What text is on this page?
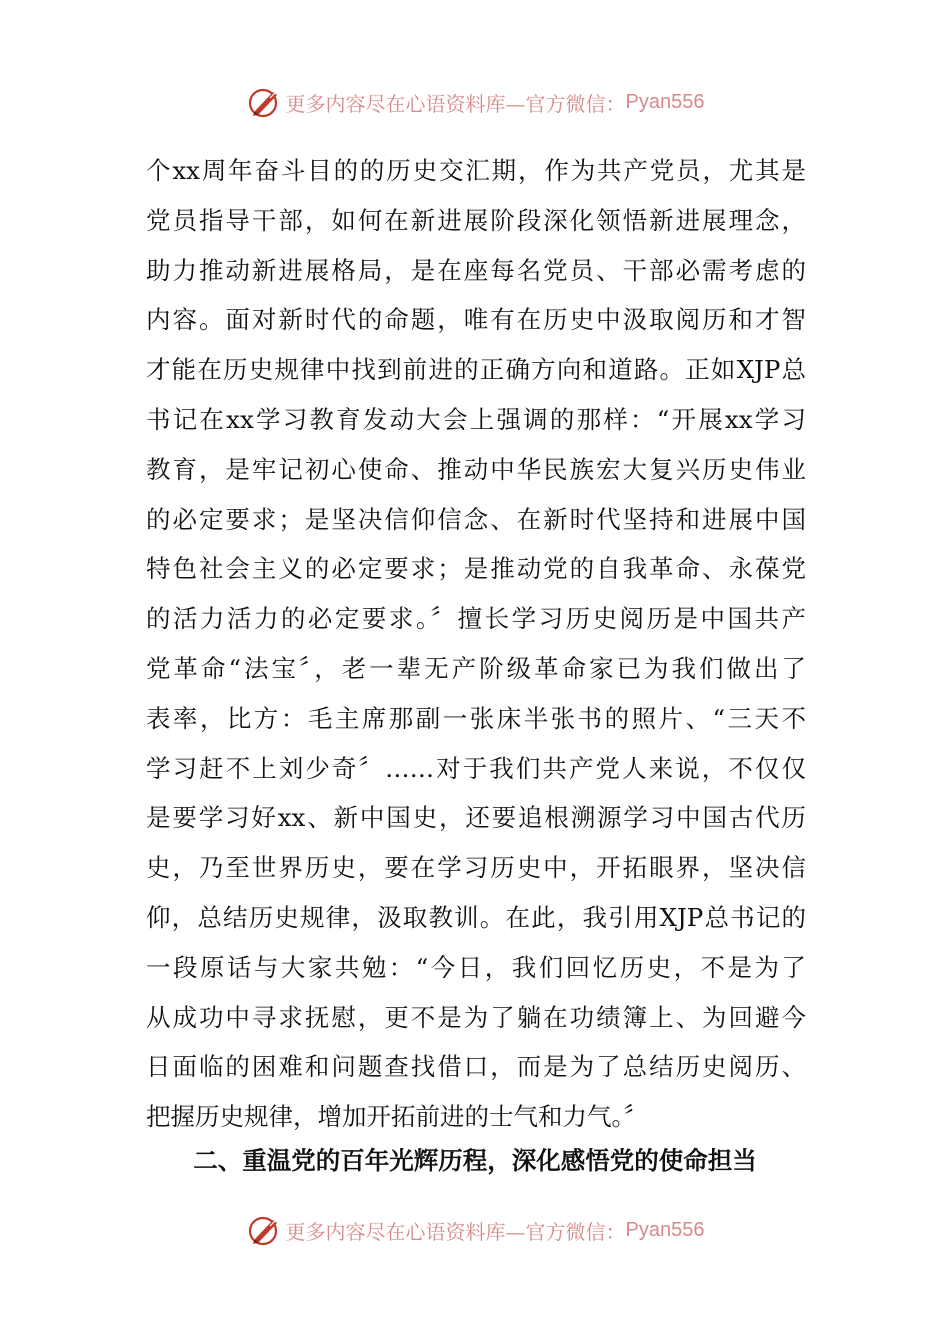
更多内容尽在心语资料库—官方微信： Pyan556
个xx周年奋斗目的的历史交汇期，作为共产党员，尤其是
党员指导干部，如何在新进展阶段深化领悟新进展理念，
助力推动新进展格局，是在座每名党员、干部必需考虑的
内容。面对新时代的命题，唯有在历史中汲取阅历和才智
才能在历史规律中找到前进的正确方向和道路。正如XJP总
书记在xx学习教育发动大会上强调的那样：“开展xx学习
教育，是牢记初心使命、推动中华民族宏大复兴历史伟业
的必定要求；是坚决信仰信念、在新时代坚持和进展中国
特色社会主义的必定要求；是推动党的自我革命、永葆党
的活力活力的必定要求。〞擅长学习历史阅历是中国共产
党革命“法宝〞，老一辈无产阶级革命家已为我们做出了
表率，比方：毛主席那副一张床半张书的照片、“三天不
学习赶不上刘少奇〞……对于我们共产党人来说，不仅仅
是要学习好xx、新中国史，还要追根溯源学习中国古代历
史，乃至世界历史，要在学习历史中，开拓眼界，坚决信
仰，总结历史规律，汲取教训。在此，我引用XJP总书记的
一段原话与大家共勉：“今日，我们回忆历史，不是为了
从成功中寻求抚慰，更不是为了躺在功绩簿上、为回避今
日面临的困难和问题查找借口，而是为了总结历史阅历、
把握历史规律，增加开拓前进的士气和力气。〞
二、重温党的百年光辉历程，深化感悟党的使命担当
更多内容尽在心语资料库—官方微信： Pyan556
